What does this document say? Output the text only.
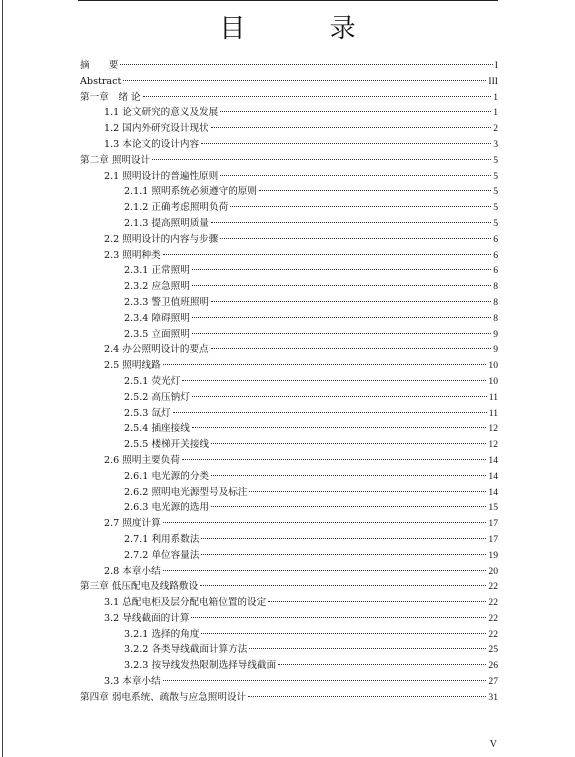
目 录
摘　　要	I
Abstract	III
第一章　绪 论	1
1.1 论文研究的意义及发展	1
1.2 国内外研究设计现状	2
1.3 本论文的设计内容	3
第二章 照明设计	5
2.1 照明设计的普遍性原则	5
2.1.1 照明系统必须遵守的原则	5
2.1.2 正确考虑照明负荷	5
2.1.3 提高照明质量	5
2.2 照明设计的内容与步骤	6
2.3 照明种类	6
2.3.1 正常照明	6
2.3.2 应急照明	8
2.3.3 警卫值班照明	8
2.3.4 障碍照明	8
2.3.5 立面照明	9
2.4 办公照明设计的要点	9
2.5 照明线路	10
2.5.1 荧光灯	10
2.5.2 高压钠灯	11
2.5.3 氙灯	11
2.5.4 插座接线	12
2.5.5 楼梯开关接线	12
2.6 照明主要负荷	14
2.6.1 电光源的分类	14
2.6.2 照明电光源型号及标注	14
2.6.3 电光源的选用	15
2.7 照度计算	17
2.7.1 利用系数法	17
2.7.2 单位容量法	19
2.8 本章小结	20
第三章 低压配电及线路敷设	22
3.1 总配电柜及层分配电箱位置的设定	22
3.2 导线截面的计算	22
3.2.1 选择的角度	22
3.2.2 各类导线截面计算方法	25
3.2.3 按导线发热限制选择导线截面	26
3.3 本章小结	27
第四章 弱电系统、疏散与应急照明设计	31
V
